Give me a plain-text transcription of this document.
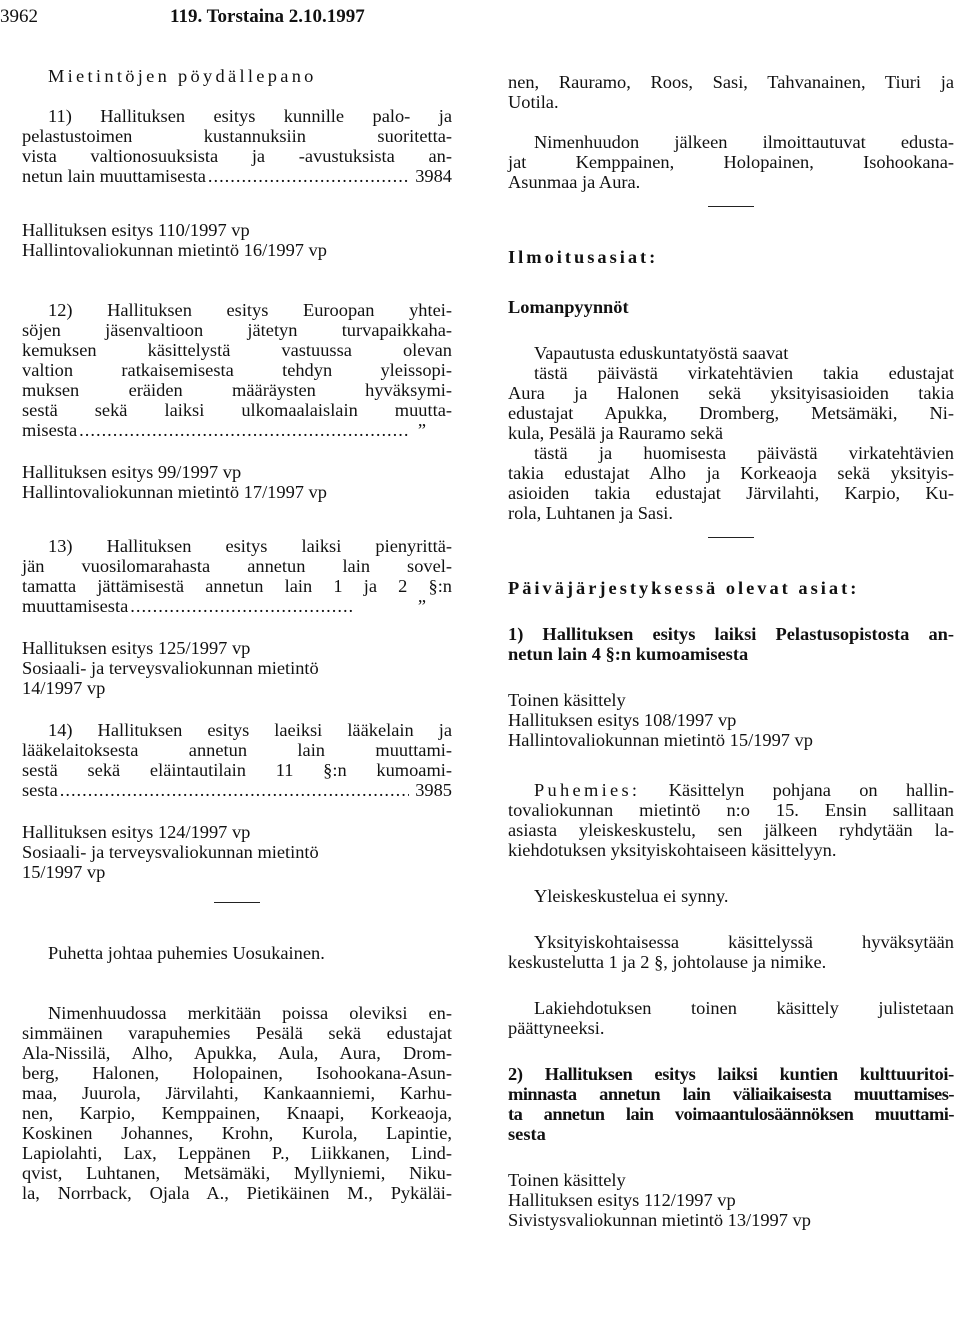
3962	119. Torstaina 2.10.1997

Mietintöjen pöydällepano

11) Hallituksen esitys kunnille palo- ja

pelastustoimen kustannuksiin suoritetta-

vista valtionosuuksista ja -avustuksista an-

netun lain muuttamisesta .....	3984

Hallituksen esitys 110/1997 vp

Hallintovaliokunnan mietintö 16/1997 vp

12) Hallituksen esitys Euroopan yhtei-

söjen jäsenvaltioon jätetyn turvapaikkaha-

kemuksen käsittelystä vastuussa olevan

valtion ratkaisemisesta tehdyn yleissopi-

muksen eräiden määräysten hyväksymi-

sestä sekä laiksi ulkomaalaislain muutta-

misesta .....	”

Hallituksen esitys 99/1997 vp

Hallintovaliokunnan mietintö 17/1997 vp

13) Hallituksen esitys laiksi pienyrittä-

jän vuosilomarahasta annetun lain sovel-

tamatta jättämisestä annetun lain 1 ja 2 §:n

muuttamisesta .....	”

Hallituksen esitys 125/1997 vp

Sosiaali- ja terveysvaliokunnan mietintö

14/1997 vp

14) Hallituksen esitys laeiksi lääkelain ja

lääkelaitoksesta annetun lain muuttami-

sestä sekä eläintautilain 11 §:n kumoami-

sesta .....	3985

Hallituksen esitys 124/1997 vp

Sosiaali- ja terveysvaliokunnan mietintö

15/1997 vp

Puhetta johtaa puhemies Uosukainen.

Nimenhuudossa merkitään poissa oleviksi en-

simmäinen varapuhemies Pesälä sekä edustajat

Ala-Nissilä, Alho, Apukka, Aula, Aura, Drom-

berg, Halonen, Holopainen, Isohookana-Asun-

maa, Juurola, Järvilahti, Kankaanniemi, Karhu-

nen, Karpio, Kemppainen, Knaapi, Korkeaoja,

Koskinen Johannes, Krohn, Kurola, Lapintie,

Lapiolahti, Lax, Leppänen P., Liikkanen, Lind-

qvist, Luhtanen, Metsämäki, Myllyniemi, Niku-

la, Norrback, Ojala A., Pietikäinen M., Pykäläi-

nen, Rauramo, Roos, Sasi, Tahvanainen, Tiuri ja

Uotila.

Nimenhuudon jälkeen ilmoittautuvat edusta-

jat Kemppainen, Holopainen, Isohookana-

Asunmaa ja Aura.

Ilmoitusasiat:

Lomanpyynnöt

Vapautusta eduskuntatyöstä saavat

tästä päivästä virkatehtävien takia edustajat

Aura ja Halonen sekä yksityisasioiden takia

edustajat Apukka, Dromberg, Metsämäki, Ni-

kula, Pesälä ja Rauramo sekä

tästä ja huomisesta päivästä virkatehtävien

takia edustajat Alho ja Korkeaoja sekä yksityis-

asioiden takia edustajat Järvilahti, Karpio, Ku-

rola, Luhtanen ja Sasi.

Päiväjärjestyksessä olevat asiat:

1) Hallituksen esitys laiksi Pelastusopistosta an-

netun lain 4 §:n kumoamisesta

Toinen käsittely

Hallituksen esitys 108/1997 vp

Hallintovaliokunnan mietintö 15/1997 vp

Puhemies: Käsittelyn pohjana on hallin-

tovaliokunnan mietintö n:o 15. Ensin sallitaan

asiasta yleiskeskustelu, sen jälkeen ryhdytään la-

kiehdotuksen yksityiskohtaiseen käsittelyyn.

Yleiskeskustelua ei synny.

Yksityiskohtaisessa käsittelyssä hyväksytään

keskustelutta 1 ja 2 §, johtolause ja nimike.

Lakiehdotuksen toinen käsittely julistetaan

päättyneeksi.

2) Hallituksen esitys laiksi kuntien kulttuuritoi-

minnasta annetun lain väliaikaisesta muuttamises-

ta annetun lain voimaantulosäännöksen muuttami-

sesta

Toinen käsittely

Hallituksen esitys 112/1997 vp

Sivistysvaliokunnan mietintö 13/1997 vp
